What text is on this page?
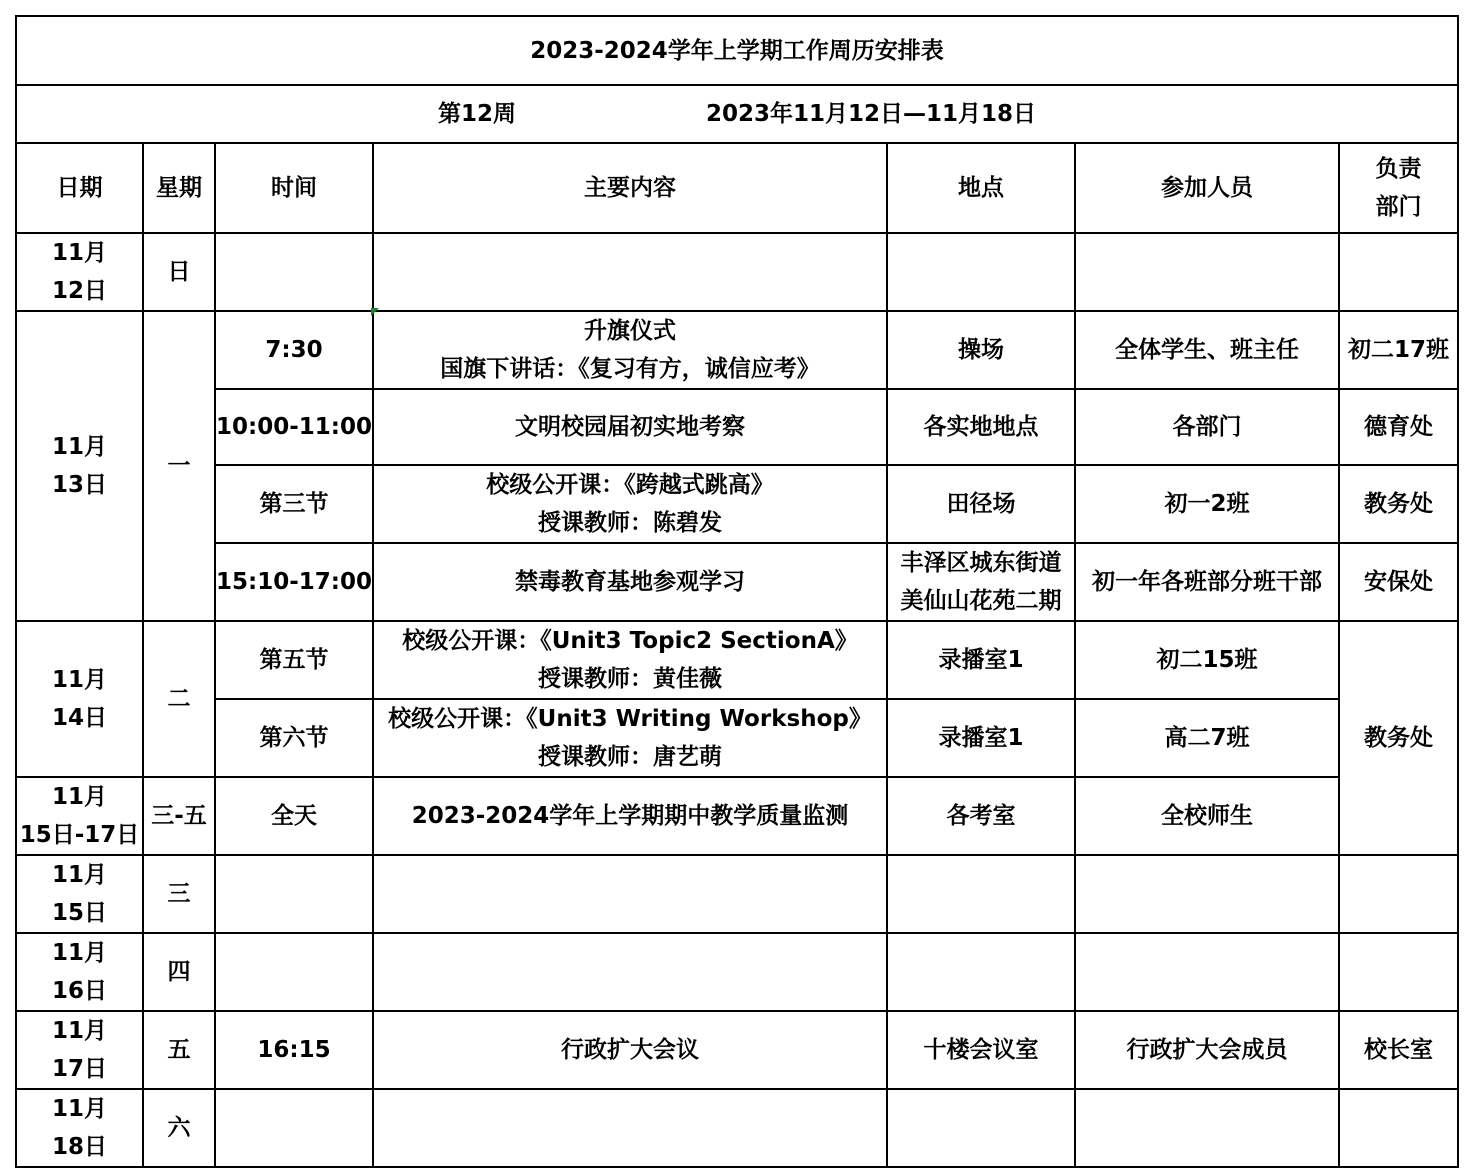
2023-2024学年上学期工作周历安排表						
第12周 2023年11月12日—11月18日						
日期	星期	时间	主要内容	地点	参加人员	负责
部门

11月
12日	日					

11月
13日	一	7:30	升旗仪式
国旗下讲话：《复习有方，诚信应考》	操场	全体学生、班主任	初二17班
		10:00-11:00	文明校园届初实地考察	各实地地点	各部门	德育处
		第三节	校级公开课：《跨越式跳高》
授课教师：陈碧发	田径场	初一2班	教务处
		15:10-17:00	禁毒教育基地参观学习	丰泽区城东街道
美仙山花苑二期	初一年各班部分班干部	安保处

11月
14日	二	第五节	校级公开课：《Unit3 Topic2 SectionA》
授课教师：黄佳薇	录播室1	初二15班	教务处
		第六节	校级公开课：《Unit3 Writing Workshop》
授课教师：唐艺萌	录播室1	高二7班	

11月
15日-17日	三-五	全天	2023-2024学年上学期期中教学质量监测	各考室	全校师生	

11月
15日	三					

11月
16日	四					

11月
17日	五	16:15	行政扩大会议	十楼会议室	行政扩大会成员	校长室

11月
18日	六					
